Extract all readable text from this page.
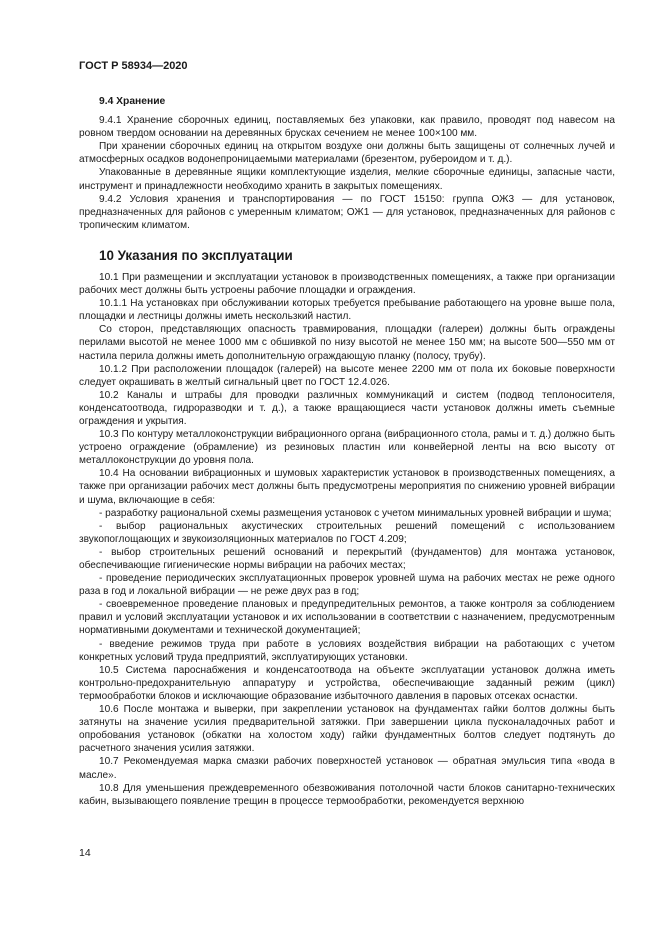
ГОСТ Р 58934—2020
9.4 Хранение

9.4.1 Хранение сборочных единиц, поставляемых без упаковки, как правило, проводят под навесом на ровном твердом основании на деревянных брусках сечением не менее 100×100 мм.

При хранении сборочных единиц на открытом воздухе они должны быть защищены от солнечных лучей и атмосферных осадков водонепроницаемыми материалами (брезентом, рубероидом и т. д.).

Упакованные в деревянные ящики комплектующие изделия, мелкие сборочные единицы, запасные части, инструмент и принадлежности необходимо хранить в закрытых помещениях.

9.4.2 Условия хранения и транспортирования — по ГОСТ 15150: группа ОЖ3 — для установок, предназначенных для районов с умеренным климатом; ОЖ1 — для установок, предназначенных для районов с тропическим климатом.

10 Указания по эксплуатации

10.1 При размещении и эксплуатации установок в производственных помещениях, а также при организации рабочих мест должны быть устроены рабочие площадки и ограждения.

10.1.1 На установках при обслуживании которых требуется пребывание работающего на уровне выше пола, площадки и лестницы должны иметь нескользкий настил.

Со сторон, представляющих опасность травмирования, площадки (галереи) должны быть ограждены перилами высотой не менее 1000 мм с обшивкой по низу высотой не менее 150 мм; на высоте 500—550 мм от настила перила должны иметь дополнительную ограждающую планку (полосу, трубу).

10.1.2 При расположении площадок (галерей) на высоте менее 2200 мм от пола их боковые поверхности следует окрашивать в желтый сигнальный цвет по ГОСТ 12.4.026.

10.2 Каналы и штрабы для проводки различных коммуникаций и систем (подвод теплоносителя, конденсатоотвода, гидроразводки и т. д.), а также вращающиеся части установок должны иметь съемные ограждения и укрытия.

10.3 По контуру металлоконструкции вибрационного органа (вибрационного стола, рамы и т. д.) должно быть устроено ограждение (обрамление) из резиновых пластин или конвейерной ленты на всю высоту от металлоконструкции до уровня пола.

10.4 На основании вибрационных и шумовых характеристик установок в производственных помещениях, а также при организации рабочих мест должны быть предусмотрены мероприятия по снижению уровней вибрации и шума, включающие в себя:

- разработку рациональной схемы размещения установок с учетом минимальных уровней вибрации и шума;

- выбор рациональных акустических строительных решений помещений с использованием звукопоглощающих и звукоизоляционных материалов по ГОСТ 4.209;

- выбор строительных решений оснований и перекрытий (фундаментов) для монтажа установок, обеспечивающие гигиенические нормы вибрации на рабочих местах;

- проведение периодических эксплуатационных проверок уровней шума на рабочих местах не реже одного раза в год и локальной вибрации — не реже двух раз в год;

- своевременное проведение плановых и предупредительных ремонтов, а также контроля за соблюдением правил и условий эксплуатации установок и их использовании в соответствии с назначением, предусмотренным нормативными документами и технической документацией;

- введение режимов труда при работе в условиях воздействия вибрации на работающих с учетом конкретных условий труда предприятий, эксплуатирующих установки.

10.5 Система пароснабжения и конденсатоотвода на объекте эксплуатации установок должна иметь контрольно-предохранительную аппаратуру и устройства, обеспечивающие заданный режим (цикл) термообработки блоков и исключающие образование избыточного давления в паровых отсеках оснастки.

10.6 После монтажа и выверки, при закреплении установок на фундаментах гайки болтов должны быть затянуты на значение усилия предварительной затяжки. При завершении цикла пусконаладочных работ и опробования установок (обкатки на холостом ходу) гайки фундаментных болтов следует подтянуть до расчетного значения усилия затяжки.

10.7 Рекомендуемая марка смазки рабочих поверхностей установок — обратная эмульсия типа «вода в масле».

10.8 Для уменьшения преждевременного обезвоживания потолочной части блоков санитарно-технических кабин, вызывающего появление трещин в процессе термообработки, рекомендуется верхнюю

14
